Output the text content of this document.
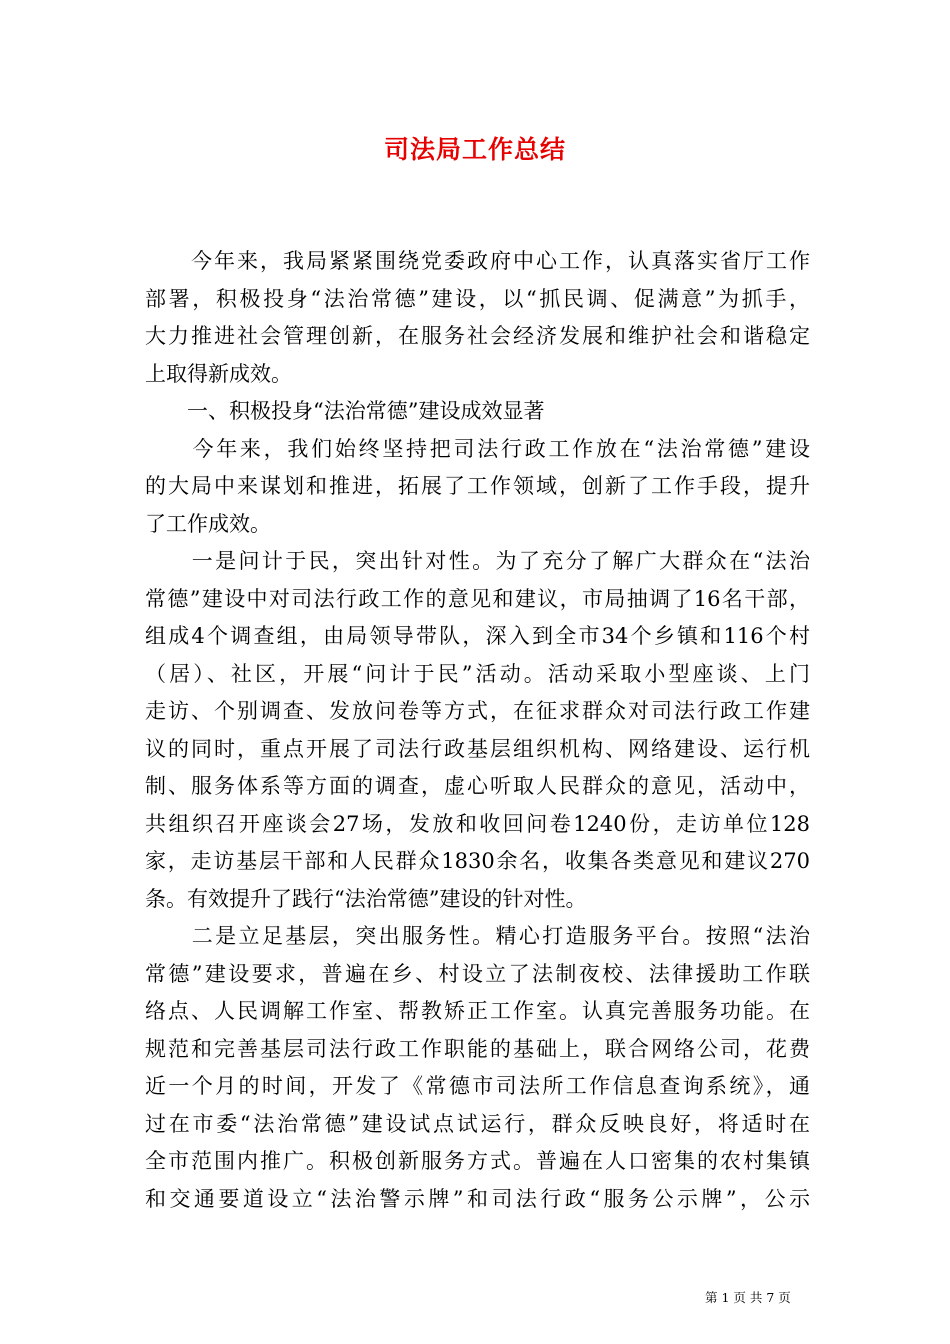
司法局工作总结
　　今年来，我局紧紧围绕党委政府中心工作，认真落实省厅工作
部署，积极投身“法治常德”建设，以“抓民调、促满意”为抓手，
大力推进社会管理创新，在服务社会经济发展和维护社会和谐稳定
上取得新成效。
　　一、积极投身“法治常德”建设成效显著
　　今年来，我们始终坚持把司法行政工作放在“法治常德”建设
的大局中来谋划和推进，拓展了工作领域，创新了工作手段，提升
了工作成效。
　　一是问计于民，突出针对性。为了充分了解广大群众在“法治
常德”建设中对司法行政工作的意见和建议，市局抽调了16名干部，
组成4个调查组，由局领导带队，深入到全市34个乡镇和116个村
（居）、社区，开展“问计于民”活动。活动采取小型座谈、上门
走访、个别调查、发放问卷等方式，在征求群众对司法行政工作建
议的同时，重点开展了司法行政基层组织机构、网络建设、运行机
制、服务体系等方面的调查，虚心听取人民群众的意见，活动中，
共组织召开座谈会27场，发放和收回问卷1240份，走访单位128
家，走访基层干部和人民群众1830余名，收集各类意见和建议270
条。有效提升了践行“法治常德”建设的针对性。
　　二是立足基层，突出服务性。精心打造服务平台。按照“法治
常德”建设要求，普遍在乡、村设立了法制夜校、法律援助工作联
络点、人民调解工作室、帮教矫正工作室。认真完善服务功能。在
规范和完善基层司法行政工作职能的基础上，联合网络公司，花费
近一个月的时间，开发了《常德市司法所工作信息查询系统》，通
过在市委“法治常德”建设试点试运行，群众反映良好，将适时在
全市范围内推广。积极创新服务方式。普遍在人口密集的农村集镇
和交通要道设立“法治警示牌”和司法行政“服务公示牌”，公示
第 1 页 共 7 页
